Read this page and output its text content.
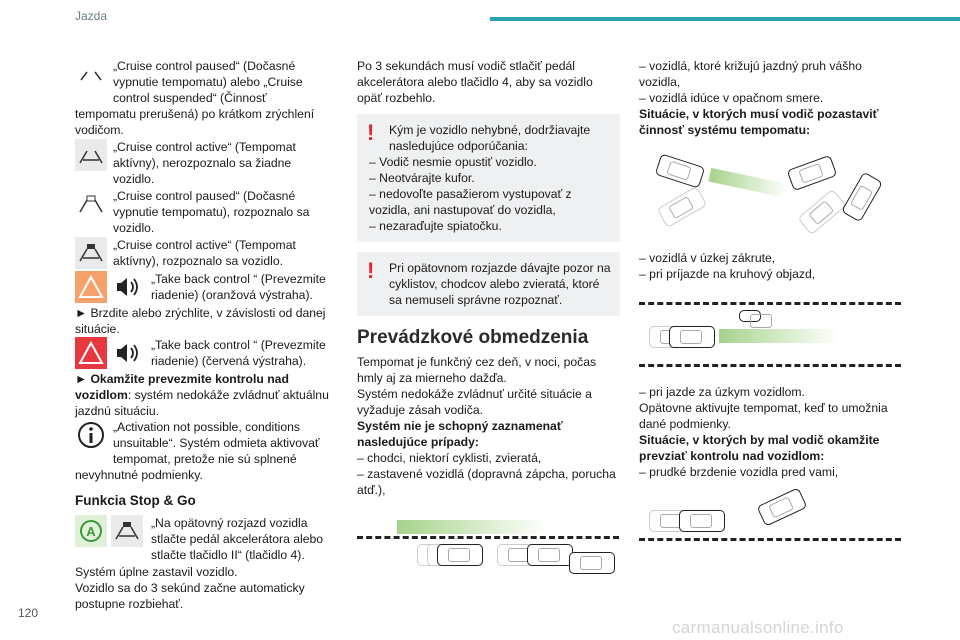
Jazda
„Cruise control paused“ (Dočasné vypnutie tempomatu) alebo „Cruise control suspended“ (Činnosť tempomatu prerušená) po krátkom zrýchlení vodičom.
„Cruise control active“ (Tempomat aktívny), nerozpoznalo sa žiadne vozidlo.
„Cruise control paused“ (Dočasné vypnutie tempomatu), rozpoznalo sa vozidlo.
„Cruise control active“ (Tempomat aktívny), rozpoznalo sa vozidlo.
„Take back control “ (Prevezmite riadenie) (oranžová výstraha).

► Brzdite alebo zrýchlite, v závislosti od danej situácie.

„Take back control “ (Prevezmite riadenie) (červená výstraha).

► Okamžite prevezmite kontrolu nad vozidlom: systém nedokáže zvládnuť aktuálnu jazdnú situáciu.

„Activation not possible, conditions unsuitable“. Systém odmieta aktivovať tempomat, pretože nie sú splnené nevyhnutné podmienky.
Funkcia Stop & Go
A
„Na opätovný rozjazd vozidla stlačte pedál akcelerátora alebo stlačte tlačidlo II“ (tlačidlo 4).

Systém úplne zastavil vozidlo.

Vozidlo sa do 3 sekúnd začne automaticky postupne rozbiehať.

Po 3 sekundách musí vodič stlačiť pedál akcelerátora alebo tlačidlo 4, aby sa vozidlo opäť rozbehlo.

!	Kým je vozidlo nehybné, dodržiavajte nasledujúce odporúčania:
– Vodič nesmie opustiť vozidlo.
– Neotvárajte kufor.
– nedovoľte pasažierom vystupovať z vozidla, ani nastupovať do vozidla,
– nezaraďujte spiatočku.
!	Pri opätovnom rozjazde dávajte pozor na cyklistov, chodcov alebo zvieratá, ktoré sa nemuseli správne rozpoznať.
Prevádzkové obmedzenia

Tempomat je funkčný cez deň, v noci, počas hmly aj za mierneho dažďa.

Systém nedokáže zvládnuť určité situácie a vyžaduje zásah vodiča.

Systém nie je schopný zaznamenať nasledujúce prípady:

– chodci, niektorí cyklisti, zvieratá,

– zastavené vozidlá (dopravná zápcha, porucha atď.),

– vozidlá, ktoré križujú jazdný pruh vášho vozidla,

– vozidlá idúce v opačnom smere.

Situácie, v ktorých musí vodič pozastaviť činnosť systému tempomatu:

– vozidlá v úzkej zákrute,

– pri príjazde na kruhový objazd,

– pri jazde za úzkym vozidlom.

Opätovne aktivujte tempomat, keď to umožnia dané podmienky.

Situácie, v ktorých by mal vodič okamžite prevziať kontrolu nad vozidlom:

– prudké brzdenie vozidla pred vami,

120
carmanualsonline.info
